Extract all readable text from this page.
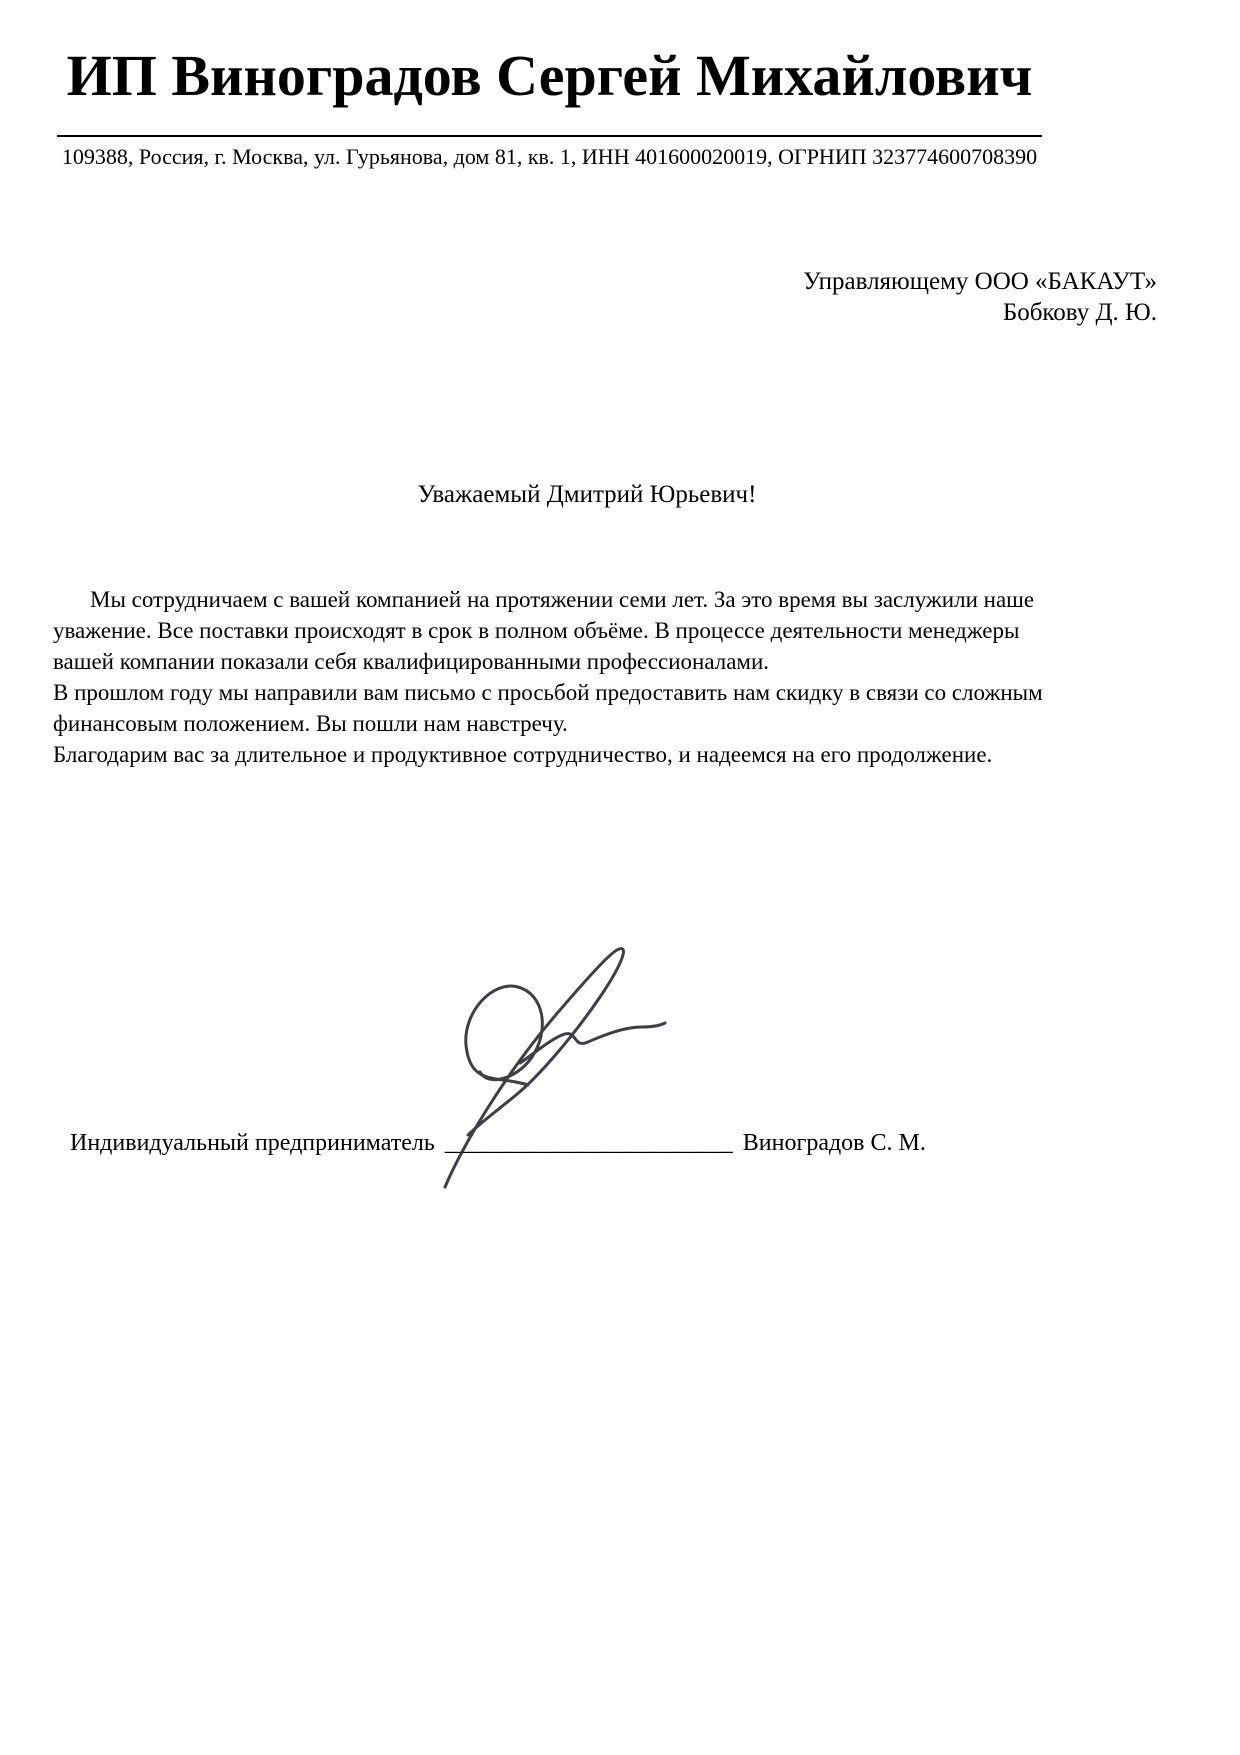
ИП Виноградов Сергей Михайлович
109388, Россия, г. Москва, ул. Гурьянова, дом 81, кв. 1, ИНН 401600020019, ОГРНИП 323774600708390
Управляющему ООО «БАКАУТ»
Бобкову Д. Ю.
Уважаемый Дмитрий Юрьевич!

Мы сотрудничаем с вашей компанией на протяжении семи лет. За это время вы заслужили наше уважение. Все поставки происходят в срок в полном объёме. В процессе деятельности менеджеры вашей компании показали себя квалифицированными профессионалами.

В прошлом году мы направили вам письмо с просьбой предоставить нам скидку в связи со сложным финансовым положением. Вы пошли нам навстречу.

Благодарим вас за длительное и продуктивное сотрудничество, и надеемся на его продолжение.

Индивидуальный предприниматель ________________________ Виноградов С. М.
